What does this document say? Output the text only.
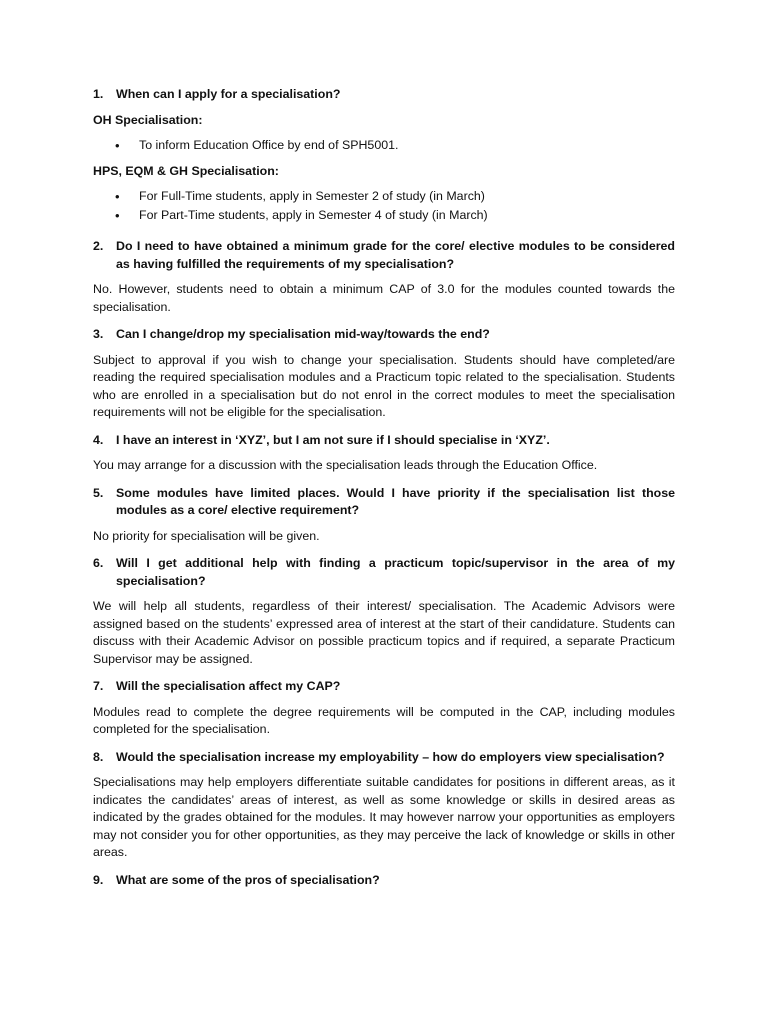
1.	When can I apply for a specialisation?
OH Specialisation:
• To inform Education Office by end of SPH5001.
HPS, EQM & GH Specialisation:
• For Full-Time students, apply in Semester 2 of study (in March)
• For Part-Time students, apply in Semester 4 of study (in March)
2.	Do I need to have obtained a minimum grade for the core/ elective modules to be considered as having fulfilled the requirements of my specialisation?
No. However, students need to obtain a minimum CAP of 3.0 for the modules counted towards the specialisation.
3.	Can I change/drop my specialisation mid-way/towards the end?
Subject to approval if you wish to change your specialisation. Students should have completed/are reading the required specialisation modules and a Practicum topic related to the specialisation. Students who are enrolled in a specialisation but do not enrol in the correct modules to meet the specialisation requirements will not be eligible for the specialisation.
4.	I have an interest in ‘XYZ’, but I am not sure if I should specialise in ‘XYZ’.
You may arrange for a discussion with the specialisation leads through the Education Office.
5.	Some modules have limited places. Would I have priority if the specialisation list those modules as a core/ elective requirement?
No priority for specialisation will be given.
6.	Will I get additional help with finding a practicum topic/supervisor in the area of my specialisation?
We will help all students, regardless of their interest/ specialisation. The Academic Advisors were assigned based on the students’ expressed area of interest at the start of their candidature. Students can discuss with their Academic Advisor on possible practicum topics and if required, a separate Practicum Supervisor may be assigned.
7.	Will the specialisation affect my CAP?
Modules read to complete the degree requirements will be computed in the CAP, including modules completed for the specialisation.
8.	Would the specialisation increase my employability – how do employers view specialisation?
Specialisations may help employers differentiate suitable candidates for positions in different areas, as it indicates the candidates’ areas of interest, as well as some knowledge or skills in desired areas as indicated by the grades obtained for the modules. It may however narrow your opportunities as employers may not consider you for other opportunities, as they may perceive the lack of knowledge or skills in other areas.
9.	What are some of the pros of specialisation?
